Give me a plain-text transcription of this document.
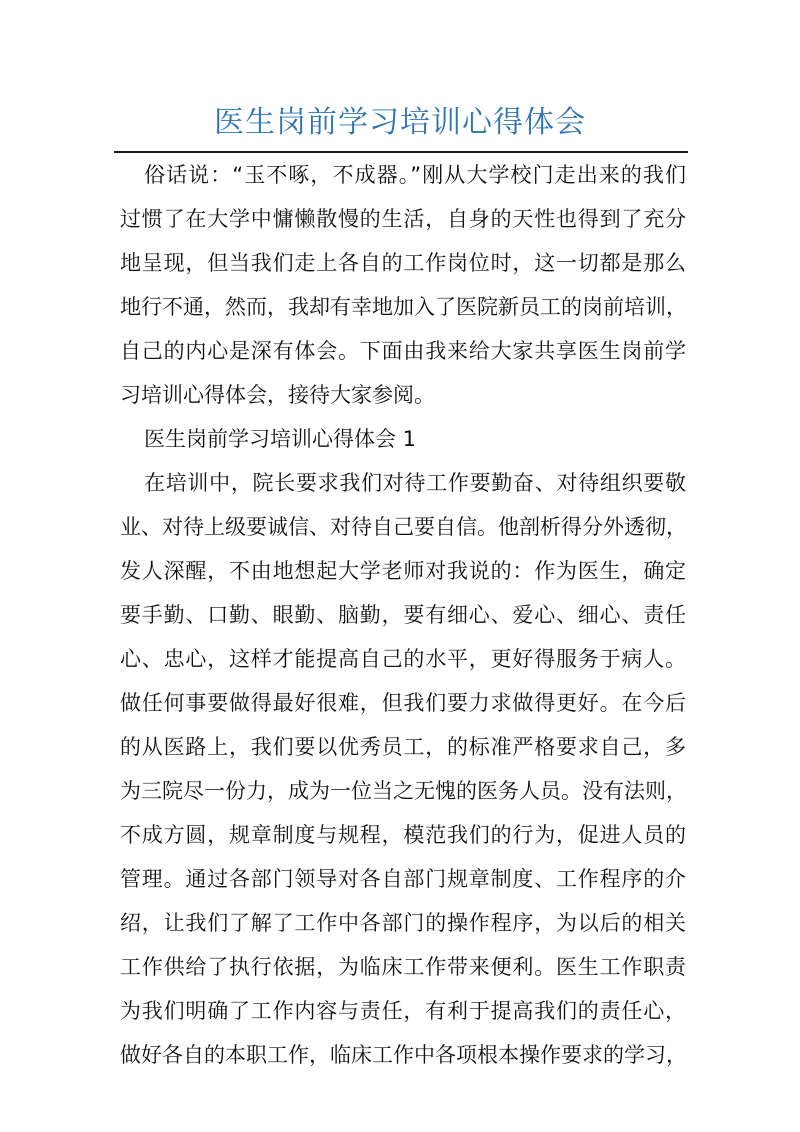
医生岗前学习培训心得体会
俗话说：“玉不啄，不成器。”刚从大学校门走出来的我们
过惯了在大学中慵懒散慢的生活，自身的天性也得到了充分
地呈现，但当我们走上各自的工作岗位时，这一切都是那么
地行不通，然而，我却有幸地加入了医院新员工的岗前培训，
自己的内心是深有体会。下面由我来给大家共享医生岗前学
习培训心得体会，接待大家参阅。
医生岗前学习培训心得体会 1
在培训中，院长要求我们对待工作要勤奋、对待组织要敬
业、对待上级要诚信、对待自己要自信。他剖析得分外透彻，
发人深醒，不由地想起大学老师对我说的：作为医生，确定
要手勤、口勤、眼勤、脑勤，要有细心、爱心、细心、责任
心、忠心，这样才能提高自己的水平，更好得服务于病人。
做任何事要做得最好很难，但我们要力求做得更好。在今后
的从医路上，我们要以优秀员工，的标准严格要求自己，多
为三院尽一份力，成为一位当之无愧的医务人员。没有法则，
不成方圆，规章制度与规程，模范我们的行为，促进人员的
管理。通过各部门领导对各自部门规章制度、工作程序的介
绍，让我们了解了工作中各部门的操作程序，为以后的相关
工作供给了执行依据，为临床工作带来便利。医生工作职责
为我们明确了工作内容与责任，有利于提高我们的责任心，
做好各自的本职工作，临床工作中各项根本操作要求的学习，
